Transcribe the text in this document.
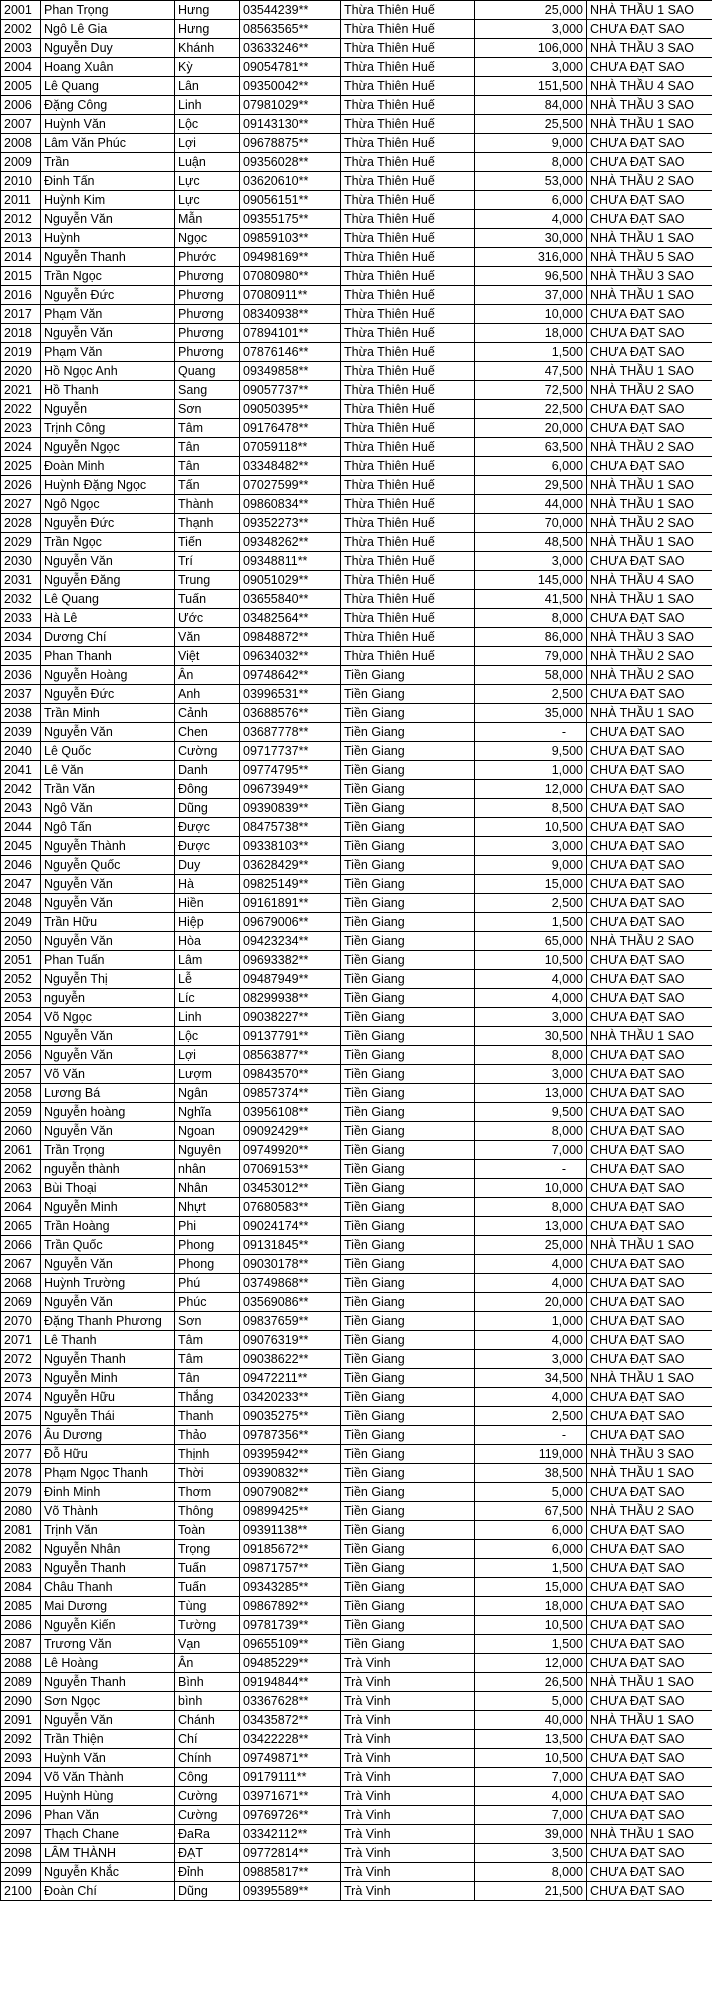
2001	Phan Trọng	Hưng	03544239**	Thừa Thiên Huế	25,000	NHÀ THẦU 1 SAO
2002	Ngô Lê Gia	Hưng	08563565**	Thừa Thiên Huế	3,000	CHƯA ĐẠT SAO
2003	Nguyễn Duy	Khánh	03633246**	Thừa Thiên Huế	106,000	NHÀ THẦU 3 SAO
2004	Hoang Xuân	Kỳ	09054781**	Thừa Thiên Huế	3,000	CHƯA ĐẠT SAO
2005	Lê Quang	Lân	09350042**	Thừa Thiên Huế	151,500	NHÀ THẦU 4 SAO
2006	Đặng Công	Linh	07981029**	Thừa Thiên Huế	84,000	NHÀ THẦU 3 SAO
2007	Huỳnh Văn	Lộc	09143130**	Thừa Thiên Huế	25,500	NHÀ THẦU 1 SAO
2008	Lâm Văn Phúc	Lợi	09678875**	Thừa Thiên Huế	9,000	CHƯA ĐẠT SAO
2009	Trần	Luận	09356028**	Thừa Thiên Huế	8,000	CHƯA ĐẠT SAO
2010	Đinh Tấn	Lực	03620610**	Thừa Thiên Huế	53,000	NHÀ THẦU 2 SAO
2011	Huỳnh Kim	Lực	09056151**	Thừa Thiên Huế	6,000	CHƯA ĐẠT SAO
2012	Nguyễn Văn	Mẫn	09355175**	Thừa Thiên Huế	4,000	CHƯA ĐẠT SAO
2013	Huỳnh	Ngọc	09859103**	Thừa Thiên Huế	30,000	NHÀ THẦU 1 SAO
2014	Nguyễn Thanh	Phước	09498169**	Thừa Thiên Huế	316,000	NHÀ THẦU 5 SAO
2015	Trần Ngọc	Phương	07080980**	Thừa Thiên Huế	96,500	NHÀ THẦU 3 SAO
2016	Nguyễn Đức	Phương	07080911**	Thừa Thiên Huế	37,000	NHÀ THẦU 1 SAO
2017	Phạm Văn	Phương	08340938**	Thừa Thiên Huế	10,000	CHƯA ĐẠT SAO
2018	Nguyễn Văn	Phương	07894101**	Thừa Thiên Huế	18,000	CHƯA ĐẠT SAO
2019	Phạm Văn	Phương	07876146**	Thừa Thiên Huế	1,500	CHƯA ĐẠT SAO
2020	Hồ Ngọc Anh	Quang	09349858**	Thừa Thiên Huế	47,500	NHÀ THẦU 1 SAO
2021	Hồ Thanh	Sang	09057737**	Thừa Thiên Huế	72,500	NHÀ THẦU 2 SAO
2022	Nguyễn	Sơn	09050395**	Thừa Thiên Huế	22,500	CHƯA ĐẠT SAO
2023	Trịnh Công	Tâm	09176478**	Thừa Thiên Huế	20,000	CHƯA ĐẠT SAO
2024	Nguyễn Ngọc	Tân	07059118**	Thừa Thiên Huế	63,500	NHÀ THẦU 2 SAO
2025	Đoàn Minh	Tân	03348482**	Thừa Thiên Huế	6,000	CHƯA ĐẠT SAO
2026	Huỳnh Đặng Ngọc	Tấn	07027599**	Thừa Thiên Huế	29,500	NHÀ THẦU 1 SAO
2027	Ngô Ngọc	Thành	09860834**	Thừa Thiên Huế	44,000	NHÀ THẦU 1 SAO
2028	Nguyễn Đức	Thạnh	09352273**	Thừa Thiên Huế	70,000	NHÀ THẦU 2 SAO
2029	Trần Ngọc	Tiến	09348262**	Thừa Thiên Huế	48,500	NHÀ THẦU 1 SAO
2030	Nguyễn Văn	Trí	09348811**	Thừa Thiên Huế	3,000	CHƯA ĐẠT SAO
2031	Nguyễn Đăng	Trung	09051029**	Thừa Thiên Huế	145,000	NHÀ THẦU 4 SAO
2032	Lê Quang	Tuấn	03655840**	Thừa Thiên Huế	41,500	NHÀ THẦU 1 SAO
2033	Hà Lê	Ước	03482564**	Thừa Thiên Huế	8,000	CHƯA ĐẠT SAO
2034	Dương Chí	Văn	09848872**	Thừa Thiên Huế	86,000	NHÀ THẦU 3 SAO
2035	Phan Thanh	Việt	09634032**	Thừa Thiên Huế	79,000	NHÀ THẦU 2 SAO
2036	Nguyễn Hoàng	Ân	09748642**	Tiền Giang	58,000	NHÀ THẦU 2 SAO
2037	Nguyễn Đức	Anh	03996531**	Tiền Giang	2,500	CHƯA ĐẠT SAO
2038	Trần Minh	Cảnh	03688576**	Tiền Giang	35,000	NHÀ THẦU 1 SAO
2039	Nguyễn Văn	Chen	03687778**	Tiền Giang	-	CHƯA ĐẠT SAO
2040	Lê Quốc	Cường	09717737**	Tiền Giang	9,500	CHƯA ĐẠT SAO
2041	Lê Văn	Danh	09774795**	Tiền Giang	1,000	CHƯA ĐẠT SAO
2042	Trần Văn	Đông	09673949**	Tiền Giang	12,000	CHƯA ĐẠT SAO
2043	Ngô Văn	Dũng	09390839**	Tiền Giang	8,500	CHƯA ĐẠT SAO
2044	Ngô Tấn	Được	08475738**	Tiền Giang	10,500	CHƯA ĐẠT SAO
2045	Nguyễn Thành	Được	09338103**	Tiền Giang	3,000	CHƯA ĐẠT SAO
2046	Nguyễn Quốc	Duy	03628429**	Tiền Giang	9,000	CHƯA ĐẠT SAO
2047	Nguyễn Văn	Hà	09825149**	Tiền Giang	15,000	CHƯA ĐẠT SAO
2048	Nguyễn Văn	Hiền	09161891**	Tiền Giang	2,500	CHƯA ĐẠT SAO
2049	Trần Hữu	Hiệp	09679006**	Tiền Giang	1,500	CHƯA ĐẠT SAO
2050	Nguyễn Văn	Hòa	09423234**	Tiền Giang	65,000	NHÀ THẦU 2 SAO
2051	Phan Tuấn	Lâm	09693382**	Tiền Giang	10,500	CHƯA ĐẠT SAO
2052	Nguyễn Thị	Lễ	09487949**	Tiền Giang	4,000	CHƯA ĐẠT SAO
2053	nguyễn	Líc	08299938**	Tiền Giang	4,000	CHƯA ĐẠT SAO
2054	Võ Ngọc	Linh	09038227**	Tiền Giang	3,000	CHƯA ĐẠT SAO
2055	Nguyễn Văn	Lộc	09137791**	Tiền Giang	30,500	NHÀ THẦU 1 SAO
2056	Nguyễn Văn	Lợi	08563877**	Tiền Giang	8,000	CHƯA ĐẠT SAO
2057	Võ Văn	Lượm	09843570**	Tiền Giang	3,000	CHƯA ĐẠT SAO
2058	Lương Bá	Ngân	09857374**	Tiền Giang	13,000	CHƯA ĐẠT SAO
2059	Nguyễn hoàng	Nghĩa	03956108**	Tiền Giang	9,500	CHƯA ĐẠT SAO
2060	Nguyễn Văn	Ngoan	09092429**	Tiền Giang	8,000	CHƯA ĐẠT SAO
2061	Trần Trọng	Nguyên	09749920**	Tiền Giang	7,000	CHƯA ĐẠT SAO
2062	nguyễn thành	nhân	07069153**	Tiền Giang	-	CHƯA ĐẠT SAO
2063	Bùi Thoại	Nhân	03453012**	Tiền Giang	10,000	CHƯA ĐẠT SAO
2064	Nguyễn Minh	Nhựt	07680583**	Tiền Giang	8,000	CHƯA ĐẠT SAO
2065	Trần Hoàng	Phi	09024174**	Tiền Giang	13,000	CHƯA ĐẠT SAO
2066	Trần Quốc	Phong	09131845**	Tiền Giang	25,000	NHÀ THẦU 1 SAO
2067	Nguyễn Văn	Phong	09030178**	Tiền Giang	4,000	CHƯA ĐẠT SAO
2068	Huỳnh Trường	Phú	03749868**	Tiền Giang	4,000	CHƯA ĐẠT SAO
2069	Nguyễn Văn	Phúc	03569086**	Tiền Giang	20,000	CHƯA ĐẠT SAO
2070	Đặng Thanh Phương	Sơn	09837659**	Tiền Giang	1,000	CHƯA ĐẠT SAO
2071	Lê Thanh	Tâm	09076319**	Tiền Giang	4,000	CHƯA ĐẠT SAO
2072	Nguyễn Thanh	Tâm	09038622**	Tiền Giang	3,000	CHƯA ĐẠT SAO
2073	Nguyễn Minh	Tân	09472211**	Tiền Giang	34,500	NHÀ THẦU 1 SAO
2074	Nguyễn Hữu	Thắng	03420233**	Tiền Giang	4,000	CHƯA ĐẠT SAO
2075	Nguyễn Thái	Thanh	09035275**	Tiền Giang	2,500	CHƯA ĐẠT SAO
2076	Âu Dương	Thảo	09787356**	Tiền Giang	-	CHƯA ĐẠT SAO
2077	Đỗ Hữu	Thịnh	09395942**	Tiền Giang	119,000	NHÀ THẦU 3 SAO
2078	Phạm Ngọc Thanh	Thời	09390832**	Tiền Giang	38,500	NHÀ THẦU 1 SAO
2079	Đinh Minh	Thơm	09079082**	Tiền Giang	5,000	CHƯA ĐẠT SAO
2080	Võ Thành	Thông	09899425**	Tiền Giang	67,500	NHÀ THẦU 2 SAO
2081	Trịnh Văn	Toàn	09391138**	Tiền Giang	6,000	CHƯA ĐẠT SAO
2082	Nguyễn Nhân	Trọng	09185672**	Tiền Giang	6,000	CHƯA ĐẠT SAO
2083	Nguyễn Thanh	Tuấn	09871757**	Tiền Giang	1,500	CHƯA ĐẠT SAO
2084	Châu Thanh	Tuấn	09343285**	Tiền Giang	15,000	CHƯA ĐẠT SAO
2085	Mai Dương	Tùng	09867892**	Tiền Giang	18,000	CHƯA ĐẠT SAO
2086	Nguyễn Kiến	Tường	09781739**	Tiền Giang	10,500	CHƯA ĐẠT SAO
2087	Trương Văn	Vạn	09655109**	Tiền Giang	1,500	CHƯA ĐẠT SAO
2088	Lê Hoàng	Ân	09485229**	Trà Vinh	12,000	CHƯA ĐẠT SAO
2089	Nguyễn Thanh	Bình	09194844**	Trà Vinh	26,500	NHÀ THẦU 1 SAO
2090	Sơn Ngọc	bình	03367628**	Trà Vinh	5,000	CHƯA ĐẠT SAO
2091	Nguyễn Văn	Chánh	03435872**	Trà Vinh	40,000	NHÀ THẦU 1 SAO
2092	Trần Thiện	Chí	03422228**	Trà Vinh	13,500	CHƯA ĐẠT SAO
2093	Huỳnh Văn	Chính	09749871**	Trà Vinh	10,500	CHƯA ĐẠT SAO
2094	Võ Văn Thành	Công	09179111**	Trà Vinh	7,000	CHƯA ĐẠT SAO
2095	Huỳnh Hùng	Cường	03971671**	Trà Vinh	4,000	CHƯA ĐẠT SAO
2096	Phan Văn	Cường	09769726**	Trà Vinh	7,000	CHƯA ĐẠT SAO
2097	Thạch Chane	ĐaRa	03342112**	Trà Vinh	39,000	NHÀ THẦU 1 SAO
2098	LÂM THÀNH	ĐẠT	09772814**	Trà Vinh	3,500	CHƯA ĐẠT SAO
2099	Nguyễn Khắc	Đỉnh	09885817**	Trà Vinh	8,000	CHƯA ĐẠT SAO
2100	Đoàn Chí	Dũng	09395589**	Trà Vinh	21,500	CHƯA ĐẠT SAO
